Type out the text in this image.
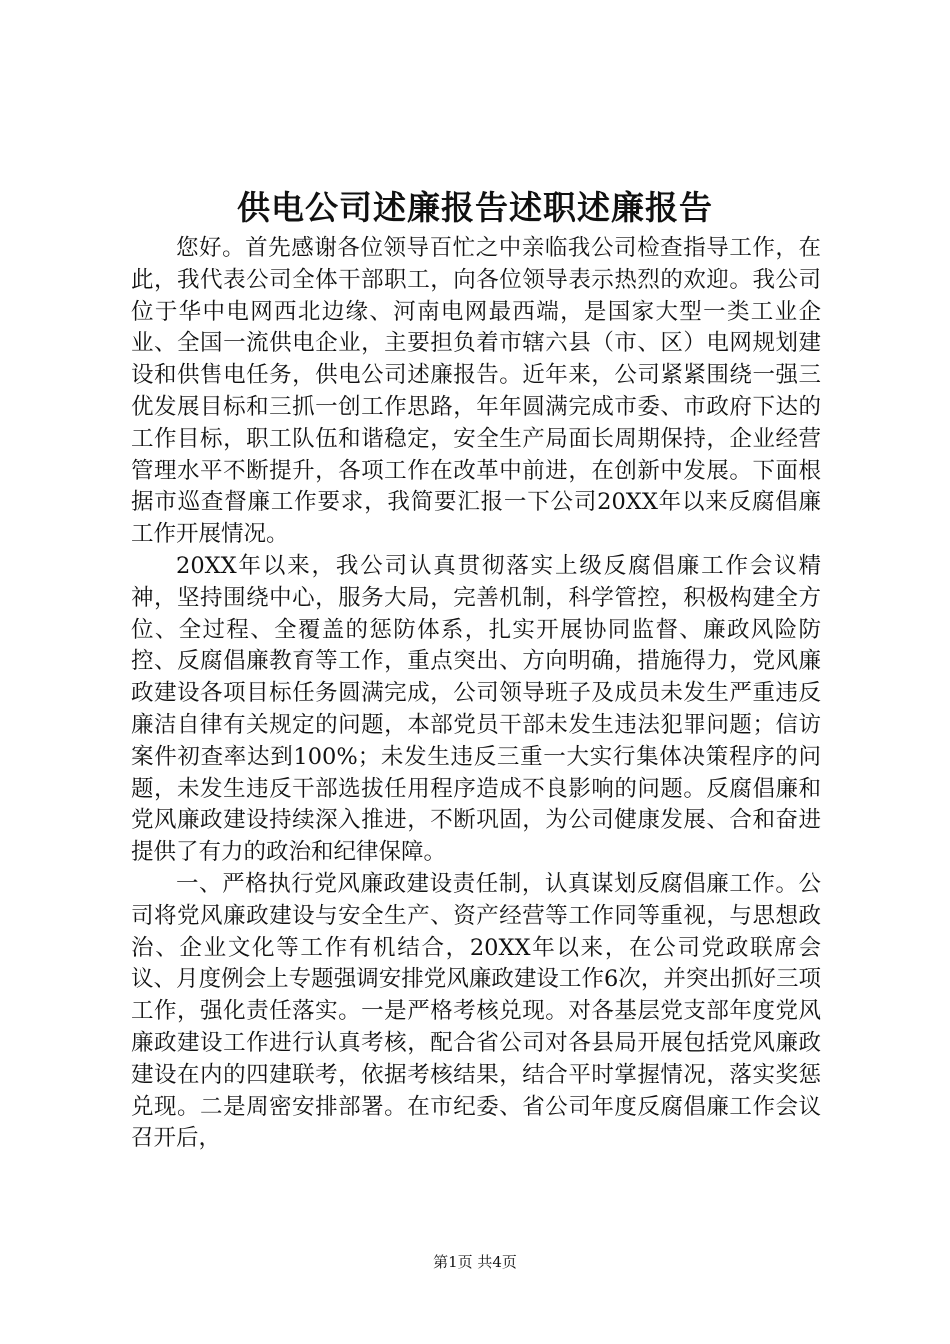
供电公司述廉报告述职述廉报告

您好。首先感谢各位领导百忙之中亲临我公司检查指导工作，在此，我代表公司全体干部职工，向各位领导表示热烈的欢迎。我公司位于华中电网西北边缘、河南电网最西端，是国家大型一类工业企业、全国一流供电企业，主要担负着市辖六县（市、区）电网规划建设和供售电任务，供电公司述廉报告。近年来，公司紧紧围绕一强三优发展目标和三抓一创工作思路，年年圆满完成市委、市政府下达的工作目标，职工队伍和谐稳定，安全生产局面长周期保持，企业经营管理水平不断提升，各项工作在改革中前进，在创新中发展。下面根据市巡查督廉工作要求，我简要汇报一下公司20XX年以来反腐倡廉工作开展情况。

20XX年以来，我公司认真贯彻落实上级反腐倡廉工作会议精神，坚持围绕中心，服务大局，完善机制，科学管控，积极构建全方位、全过程、全覆盖的惩防体系，扎实开展协同监督、廉政风险防控、反腐倡廉教育等工作，重点突出、方向明确，措施得力，党风廉政建设各项目标任务圆满完成，公司领导班子及成员未发生严重违反廉洁自律有关规定的问题，本部党员干部未发生违法犯罪问题；信访案件初查率达到100%；未发生违反三重一大实行集体决策程序的问题，未发生违反干部选拔任用程序造成不良影响的问题。反腐倡廉和党风廉政建设持续深入推进，不断巩固，为公司健康发展、合和奋进提供了有力的政治和纪律保障。

一、严格执行党风廉政建设责任制，认真谋划反腐倡廉工作。公司将党风廉政建设与安全生产、资产经营等工作同等重视，与思想政治、企业文化等工作有机结合，20XX年以来，在公司党政联席会议、月度例会上专题强调安排党风廉政建设工作6次，并突出抓好三项工作，强化责任落实。一是严格考核兑现。对各基层党支部年度党风廉政建设工作进行认真考核，配合省公司对各县局开展包括党风廉政建设在内的四建联考，依据考核结果，结合平时掌握情况，落实奖惩兑现。二是周密安排部署。在市纪委、省公司年度反腐倡廉工作会议召开后，

第1页 共4页
